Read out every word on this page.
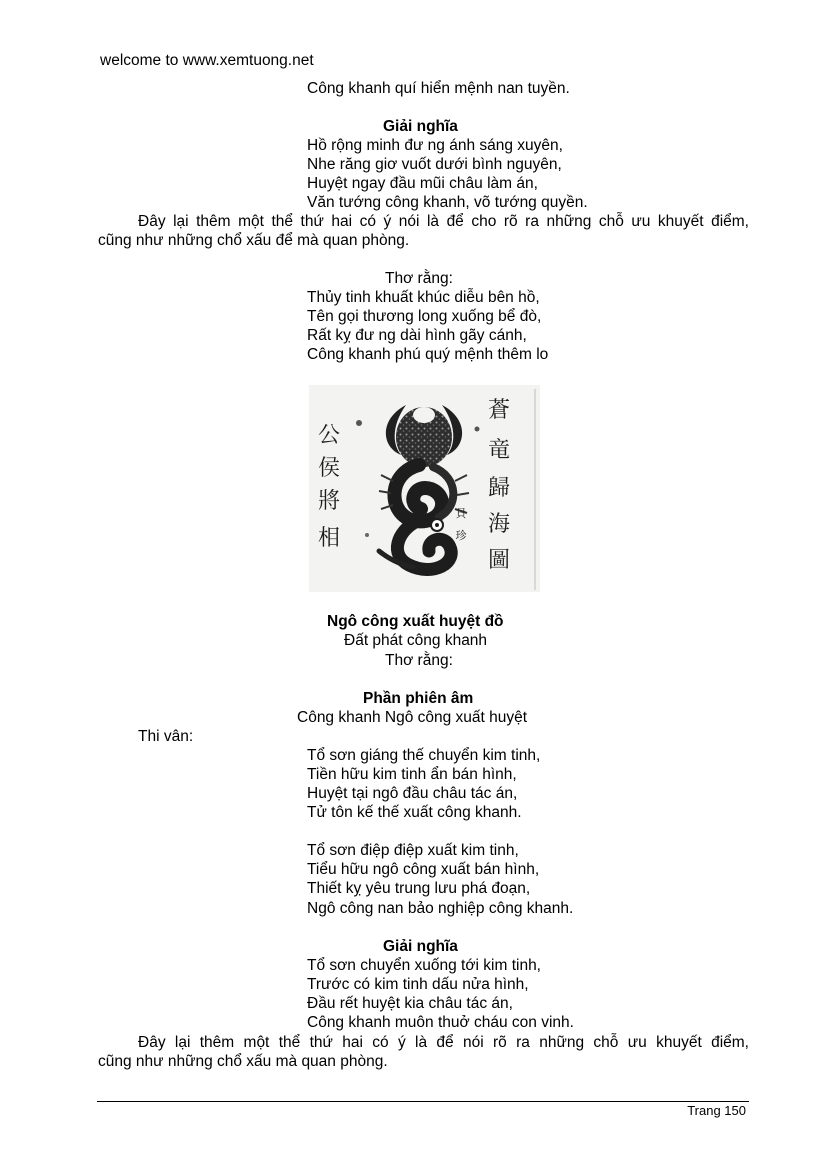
welcome to www.xemtuong.net
Công khanh quí hiển mệnh nan tuyền.
Giải nghĩa
Hồ rộng minh đư ng ánh sáng xuyên,
Nhe răng giơ vuốt dưới bình nguyên,
Huyệt ngay đầu mũi châu làm án,
Văn tướng công khanh, võ tướng quyền.
Đây lại thêm một thể thứ hai có ý nói là để cho rõ ra những chỗ ưu khuyết điểm,
cũng như những chổ xấu để mà quan phòng.
Thơ rằng:
Thủy tinh khuất khúc diễu bên hồ,
Tên gọi thương long xuống bể đò,
Rất kỵ đư ng dài hình gãy cánh,
Công khanh phú quý mệnh thêm lo
公
侯
將
相
蒼
竜
歸
海
圖
貝
珍
Ngô công xuất huyệt đồ
Đất phát công khanh
Thơ rằng:
Phần phiên âm
Công khanh Ngô công xuất huyệt
Thi vân:
Tổ sơn giáng thế chuyển kim tinh,
Tiền hữu kim tinh ẩn bán hình,
Huyệt tại ngô đầu châu tác án,
Tử tôn kế thế xuất công khanh.
Tổ sơn điệp điệp xuất kim tinh,
Tiểu hữu ngô công xuất bán hình,
Thiết kỵ yêu trung lưu phá đoạn,
Ngô công nan bảo nghiệp công khanh.
Giải nghĩa
Tổ sơn chuyển xuống tới kim tinh,
Trước có kim tinh dấu nửa hình,
Đầu rết huyệt kia châu tác án,
Công khanh muôn thuở cháu con vinh.
Đây lại thêm một thể thứ hai có ý là để nói rõ ra những chỗ ưu khuyết điểm,
cũng như những chổ xấu mà quan phòng.
Trang 150
